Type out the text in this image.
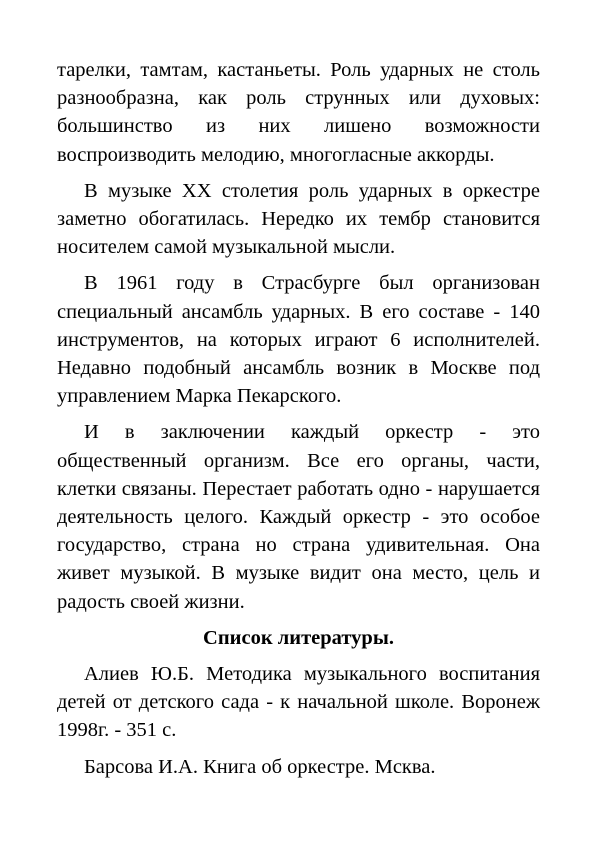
тарелки, тамтам, кастаньеты. Роль ударных не столь разнообразна, как роль струнных или духовых: большинство из них лишено возможности воспроизводить мелодию, многогласные аккорды.

В музыке XX столетия роль ударных в оркестре заметно обогатилась. Нередко их тембр становится носителем самой музыкальной мысли.

В 1961 году в Страсбурге был организован специальный ансамбль ударных. В его составе - 140 инструментов, на которых играют 6 исполнителей. Недавно подобный ансамбль возник в Москве под управлением Марка Пекарского.

И в заключении каждый оркестр - это общественный организм. Все его органы, части, клетки связаны. Перестает работать одно - нарушается деятельность целого. Каждый оркестр - это особое государство, страна но страна удивительная. Она живет музыкой. В музыке видит она место, цель и радость своей жизни.

Список литературы.

Алиев Ю.Б. Методика музыкального воспитания детей от детского сада - к начальной школе. Воронеж 1998г. - 351 с.

Барсова И.А. Книга об оркестре. Мсква.
